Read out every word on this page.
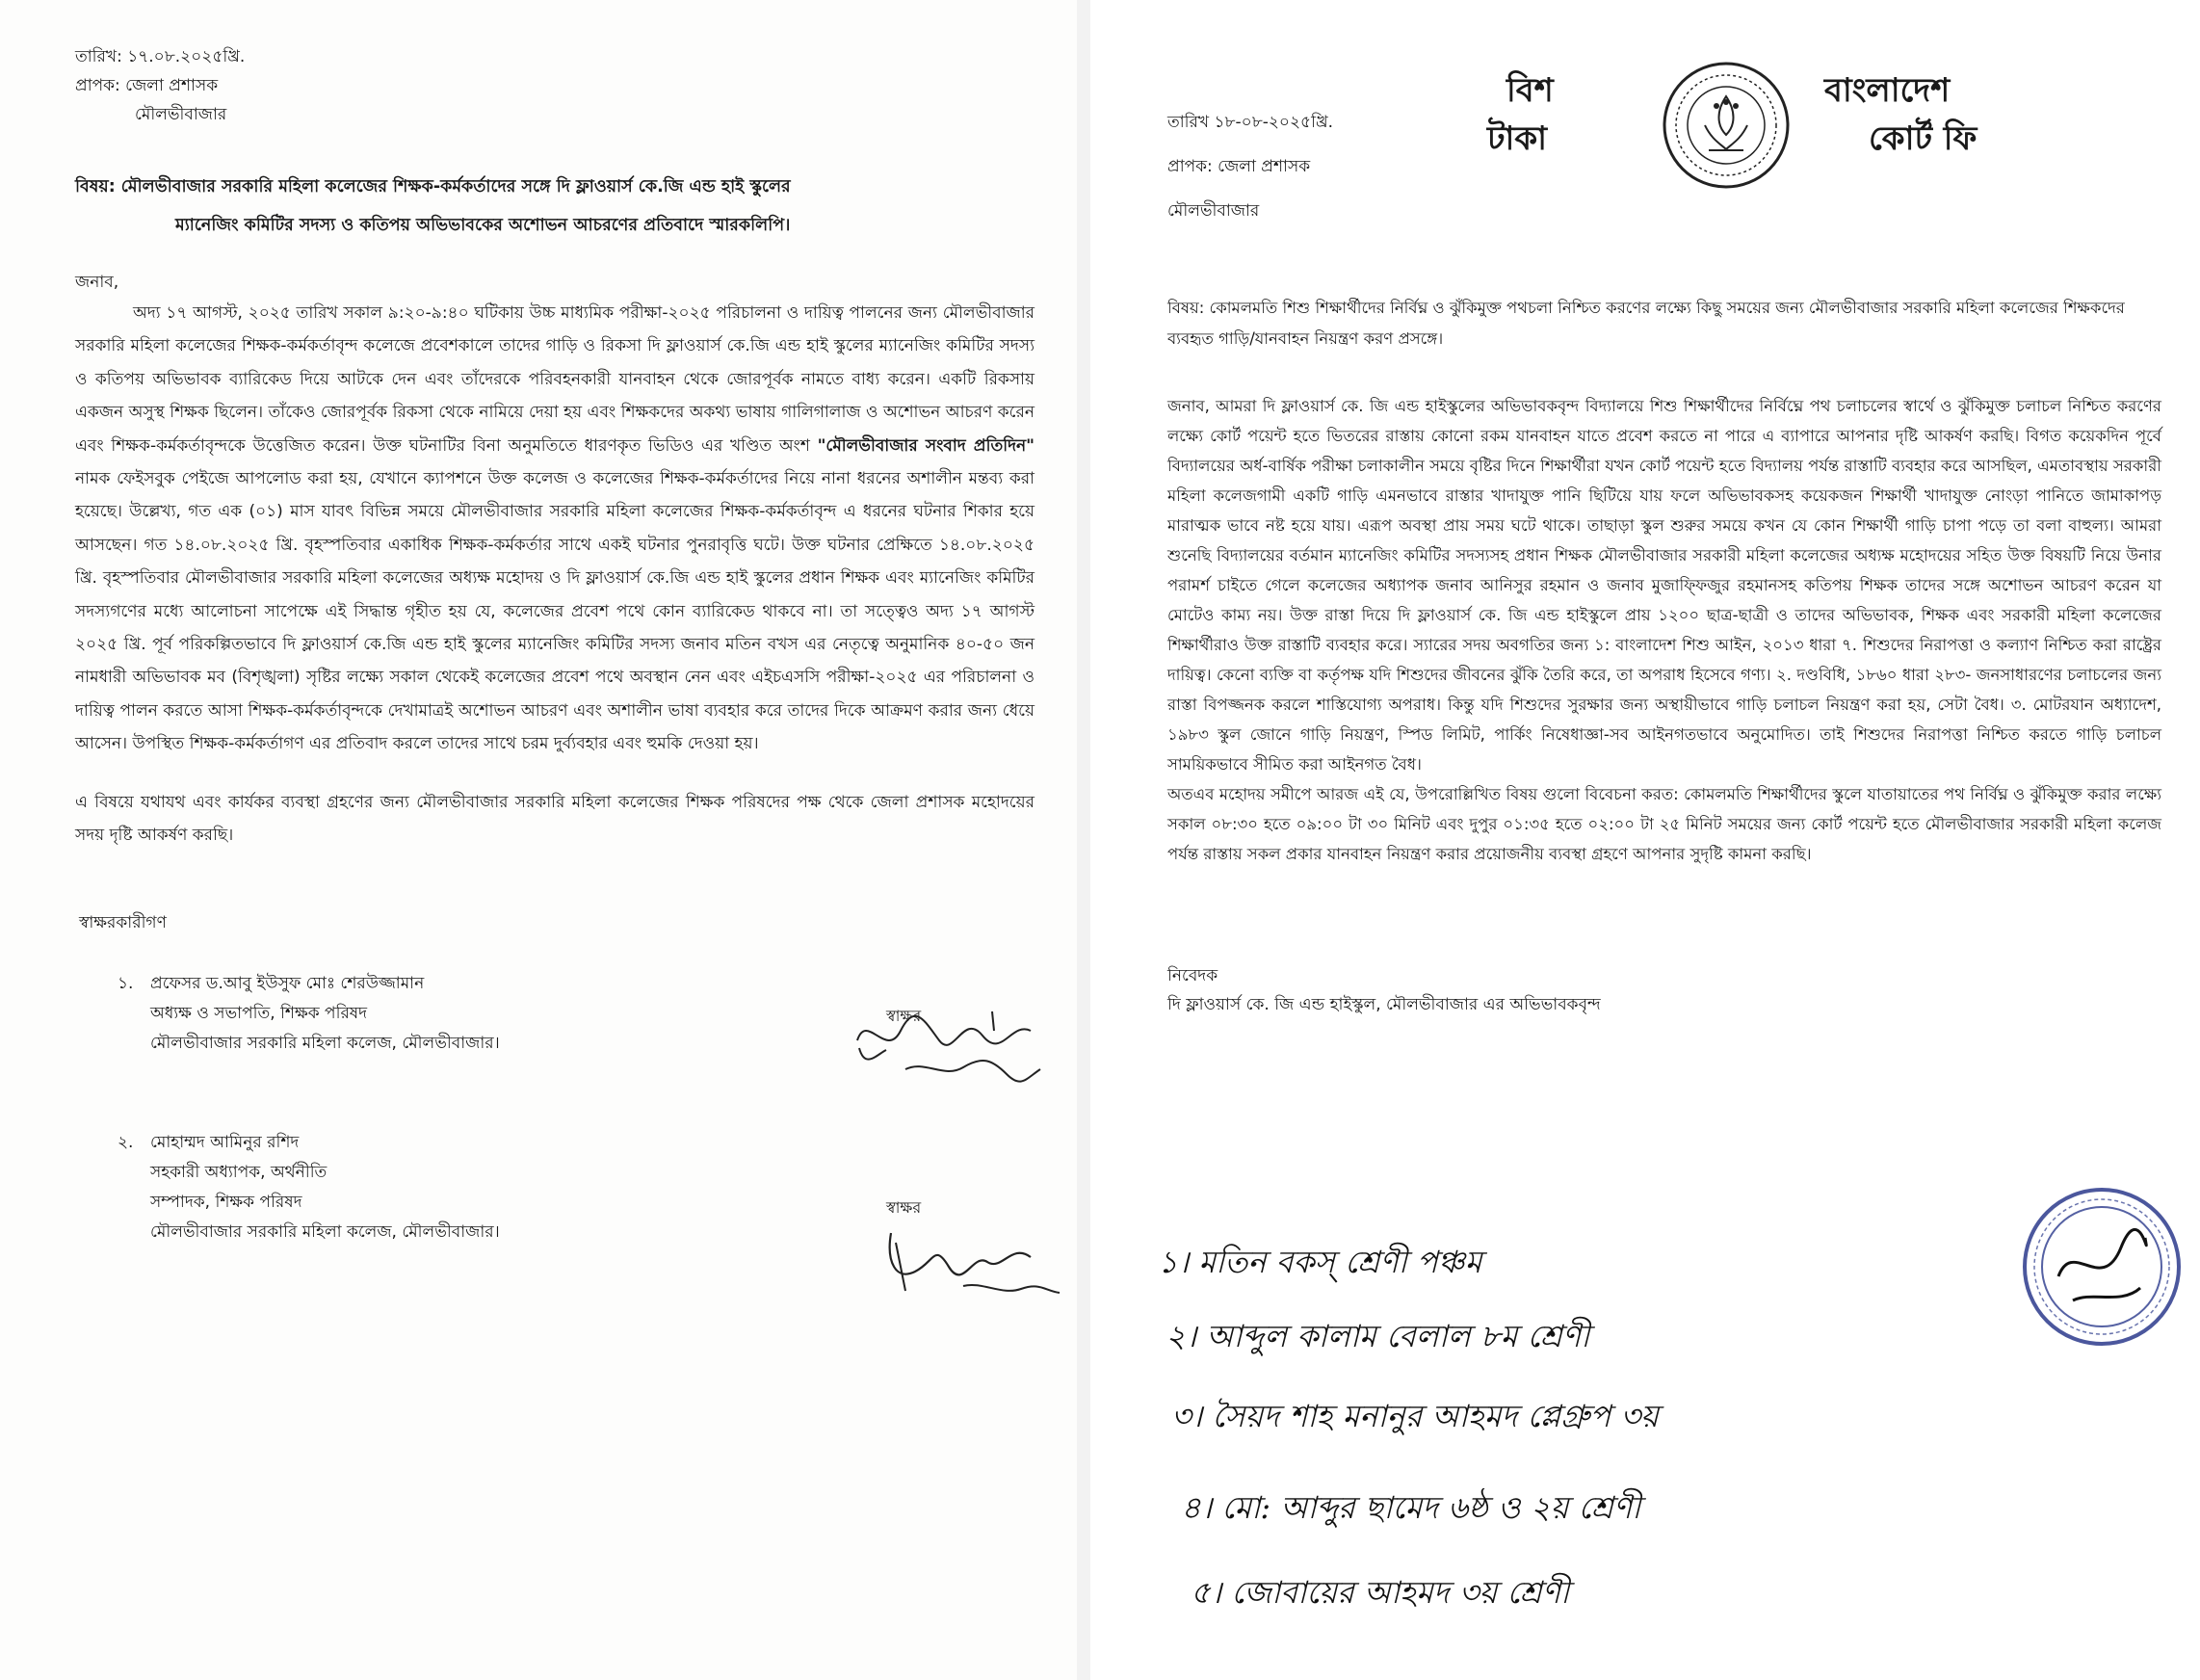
তারিখ: ১৭.০৮.২০২৫খ্রি.

প্রাপক: জেলা প্রশাসক

মৌলভীবাজার

বিষয়: মৌলভীবাজার সরকারি মহিলা কলেজের শিক্ষক-কর্মকর্তাদের সঙ্গে দি ফ্লাওয়ার্স কে.জি এন্ড হাই স্কুলের
ম্যানেজিং কমিটির সদস্য ও কতিপয় অভিভাবকের অশোভন আচরণের প্রতিবাদে স্মারকলিপি।

জনাব,

অদ্য ১৭ আগস্ট, ২০২৫ তারিখ সকাল ৯:২০-৯:৪০ ঘটিকায় উচ্চ মাধ্যমিক পরীক্ষা-২০২৫ পরিচালনা ও দায়িত্ব পালনের জন্য মৌলভীবাজার সরকারি মহিলা কলেজের শিক্ষক-কর্মকর্তাবৃন্দ কলেজে প্রবেশকালে তাদের গাড়ি ও রিকসা দি ফ্লাওয়ার্স কে.জি এন্ড হাই স্কুলের ম্যানেজিং কমিটির সদস্য ও কতিপয় অভিভাবক ব্যারিকেড দিয়ে আটকে দেন এবং তাঁদেরকে পরিবহনকারী যানবাহন থেকে জোরপূর্বক নামতে বাধ্য করেন। একটি রিকসায় একজন অসুস্থ শিক্ষক ছিলেন। তাঁকেও জোরপূর্বক রিকসা থেকে নামিয়ে দেয়া হয় এবং শিক্ষকদের অকথ্য ভাষায় গালিগালাজ ও অশোভন আচরণ করেন এবং শিক্ষক-কর্মকর্তাবৃন্দকে উত্তেজিত করেন। উক্ত ঘটনাটির বিনা অনুমতিতে ধারণকৃত ভিডিও এর খণ্ডিত অংশ "মৌলভীবাজার সংবাদ প্রতিদিন" নামক ফেইসবুক পেইজে আপলোড করা হয়, যেখানে ক্যাপশনে উক্ত কলেজ ও কলেজের শিক্ষক-কর্মকর্তাদের নিয়ে নানা ধরনের অশালীন মন্তব্য করা হয়েছে। উল্লেখ্য, গত এক (০১) মাস যাবৎ বিভিন্ন সময়ে মৌলভীবাজার সরকারি মহিলা কলেজের শিক্ষক-কর্মকর্তাবৃন্দ এ ধরনের ঘটনার শিকার হয়ে আসছেন। গত ১৪.০৮.২০২৫ খ্রি. বৃহস্পতিবার একাধিক শিক্ষক-কর্মকর্তার সাথে একই ঘটনার পুনরাবৃত্তি ঘটে। উক্ত ঘটনার প্রেক্ষিতে ১৪.০৮.২০২৫ খ্রি. বৃহস্পতিবার মৌলভীবাজার সরকারি মহিলা কলেজের অধ্যক্ষ মহোদয় ও দি ফ্লাওয়ার্স কে.জি এন্ড হাই স্কুলের প্রধান শিক্ষক এবং ম্যানেজিং কমিটির সদস্যগণের মধ্যে আলোচনা সাপেক্ষে এই সিদ্ধান্ত গৃহীত হয় যে, কলেজের প্রবেশ পথে কোন ব্যারিকেড থাকবে না। তা সত্ত্বেও অদ্য ১৭ আগস্ট ২০২৫ খ্রি. পূর্ব পরিকল্পিতভাবে দি ফ্লাওয়ার্স কে.জি এন্ড হাই স্কুলের ম্যানেজিং কমিটির সদস্য জনাব মতিন বখস এর নেতৃত্বে অনুমানিক ৪০-৫০ জন নামধারী অভিভাবক মব (বিশৃঙ্খলা) সৃষ্টির লক্ষ্যে সকাল থেকেই কলেজের প্রবেশ পথে অবস্থান নেন এবং এইচএসসি পরীক্ষা-২০২৫ এর পরিচালনা ও দায়িত্ব পালন করতে আসা শিক্ষক-কর্মকর্তাবৃন্দকে দেখামাত্রই অশোভন আচরণ এবং অশালীন ভাষা ব্যবহার করে তাদের দিকে আক্রমণ করার জন্য ধেয়ে আসেন। উপস্থিত শিক্ষক-কর্মকর্তাগণ এর প্রতিবাদ করলে তাদের সাথে চরম দুর্ব্যবহার এবং হুমকি দেওয়া হয়।

এ বিষয়ে যথাযথ এবং কার্যকর ব্যবস্থা গ্রহণের জন্য মৌলভীবাজার সরকারি মহিলা কলেজের শিক্ষক পরিষদের পক্ষ থেকে জেলা প্রশাসক মহোদয়ের সদয় দৃষ্টি আকর্ষণ করছি।

স্বাক্ষরকারীগণ

১. প্রফেসর ড.আবু ইউসুফ মোঃ শেরউজ্জামান

অধ্যক্ষ ও সভাপতি, শিক্ষক পরিষদ

মৌলভীবাজার সরকারি মহিলা কলেজ, মৌলভীবাজার।

স্বাক্ষর

২. মোহাম্মদ আমিনুর রশিদ

সহকারী অধ্যাপক, অর্থনীতি

সম্পাদক, শিক্ষক পরিষদ

মৌলভীবাজার সরকারি মহিলা কলেজ, মৌলভীবাজার।

স্বাক্ষর

তারিখ ১৮-০৮-২০২৫খ্রি.

প্রাপক: জেলা প্রশাসক

মৌলভীবাজার

বিশ
টাকা
বাংলাদেশ
কোর্ট ফি

বিষয়: কোমলমতি শিশু শিক্ষার্থীদের নির্বিঘ্ন ও ঝুঁকিমুক্ত পথচলা নিশ্চিত করণের লক্ষ্যে কিছু সময়ের জন্য মৌলভীবাজার সরকারি মহিলা কলেজের শিক্ষকদের ব্যবহৃত গাড়ি/যানবাহন নিয়ন্ত্রণ করণ প্রসঙ্গে।

জনাব, আমরা দি ফ্লাওয়ার্স কে. জি এন্ড হাইস্কুলের অভিভাবকবৃন্দ বিদ্যালয়ে শিশু শিক্ষার্থীদের নির্বিঘ্নে পথ চলাচলের স্বার্থে ও ঝুঁকিমুক্ত চলাচল নিশ্চিত করণের লক্ষ্যে কোর্ট পয়েন্ট হতে ভিতরের রাস্তায় কোনো রকম যানবাহন যাতে প্রবেশ করতে না পারে এ ব্যাপারে আপনার দৃষ্টি আকর্ষণ করছি। বিগত কয়েকদিন পূর্বে বিদ্যালয়ের অর্ধ-বার্ষিক পরীক্ষা চলাকালীন সময়ে বৃষ্টির দিনে শিক্ষার্থীরা যখন কোর্ট পয়েন্ট হতে বিদ্যালয় পর্যন্ত রাস্তাটি ব্যবহার করে আসছিল, এমতাবস্থায় সরকারী মহিলা কলেজগামী একটি গাড়ি এমনভাবে রাস্তার খাদাযুক্ত পানি ছিটিয়ে যায় ফলে অভিভাবকসহ কয়েকজন শিক্ষার্থী খাদাযুক্ত নোংড়া পানিতে জামাকাপড় মারাত্মক ভাবে নষ্ট হয়ে যায়। এরূপ অবস্থা প্রায় সময় ঘটে থাকে। তাছাড়া স্কুল শুরুর সময়ে কখন যে কোন শিক্ষার্থী গাড়ি চাপা পড়ে তা বলা বাহুল্য। আমরা শুনেছি বিদ্যালয়ের বর্তমান ম্যানেজিং কমিটির সদস্যসহ প্রধান শিক্ষক মৌলভীবাজার সরকারী মহিলা কলেজের অধ্যক্ষ মহোদয়ের সহিত উক্ত বিষয়টি নিয়ে উনার পরামর্শ চাইতে গেলে কলেজের অধ্যাপক জনাব আনিসুর রহমান ও জনাব মুজাফ্ফিজুর রহমানসহ কতিপয় শিক্ষক তাদের সঙ্গে অশোভন আচরণ করেন যা মোটেও কাম্য নয়। উক্ত রাস্তা দিয়ে দি ফ্লাওয়ার্স কে. জি এন্ড হাইস্কুলে প্রায় ১২০০ ছাত্র-ছাত্রী ও তাদের অভিভাবক, শিক্ষক এবং সরকারী মহিলা কলেজের শিক্ষার্থীরাও উক্ত রাস্তাটি ব্যবহার করে। স্যারের সদয় অবগতির জন্য ১: বাংলাদেশ শিশু আইন, ২০১৩ ধারা ৭. শিশুদের নিরাপত্তা ও কল্যাণ নিশ্চিত করা রাষ্ট্রের দায়িত্ব। কেনো ব্যক্তি বা কর্তৃপক্ষ যদি শিশুদের জীবনের ঝুঁকি তৈরি করে, তা অপরাধ হিসেবে গণ্য। ২. দণ্ডবিধি, ১৮৬০ ধারা ২৮৩- জনসাধারণের চলাচলের জন্য রাস্তা বিপজ্জনক করলে শাস্তিযোগ্য অপরাধ। কিন্তু যদি শিশুদের সুরক্ষার জন্য অস্থায়ীভাবে গাড়ি চলাচল নিয়ন্ত্রণ করা হয়, সেটা বৈধ। ৩. মোটরযান অধ্যাদেশ, ১৯৮৩ স্কুল জোনে গাড়ি নিয়ন্ত্রণ, স্পিড লিমিট, পার্কিং নিষেধাজ্ঞা-সব আইনগতভাবে অনুমোদিত। তাই শিশুদের নিরাপত্তা নিশ্চিত করতে গাড়ি চলাচল সাময়িকভাবে সীমিত করা আইনগত বৈধ।

অতএব মহোদয় সমীপে আরজ এই যে, উপরোল্লিখিত বিষয় গুলো বিবেচনা করত: কোমলমতি শিক্ষার্থীদের স্কুলে যাতায়াতের পথ নির্বিঘ্ন ও ঝুঁকিমুক্ত করার লক্ষ্যে সকাল ০৮:৩০ হতে ০৯:০০ টা ৩০ মিনিট এবং দুপুর ০১:৩৫ হতে ০২:০০ টা ২৫ মিনিট সময়ের জন্য কোর্ট পয়েন্ট হতে মৌলভীবাজার সরকারী মহিলা কলেজ পর্যন্ত রাস্তায় সকল প্রকার যানবাহন নিয়ন্ত্রণ করার প্রয়োজনীয় ব্যবস্থা গ্রহণে আপনার সুদৃষ্টি কামনা করছি।

নিবেদক

দি ফ্লাওয়ার্স কে. জি এন্ড হাইস্কুল, মৌলভীবাজার এর অভিভাবকবৃন্দ

১। মতিন বকস্ শ্রেণী পঞ্চম
২। আব্দুল কালাম বেলাল ৮ম শ্রেণী
৩। সৈয়দ শাহ মনানুর আহমদ প্লেগ্রুপ ৩য়
৪। মো: আব্দুর ছামেদ ৬ষ্ঠ ও ২য় শ্রেণী
৫। জোবায়ের আহমদ ৩য় শ্রেণী
